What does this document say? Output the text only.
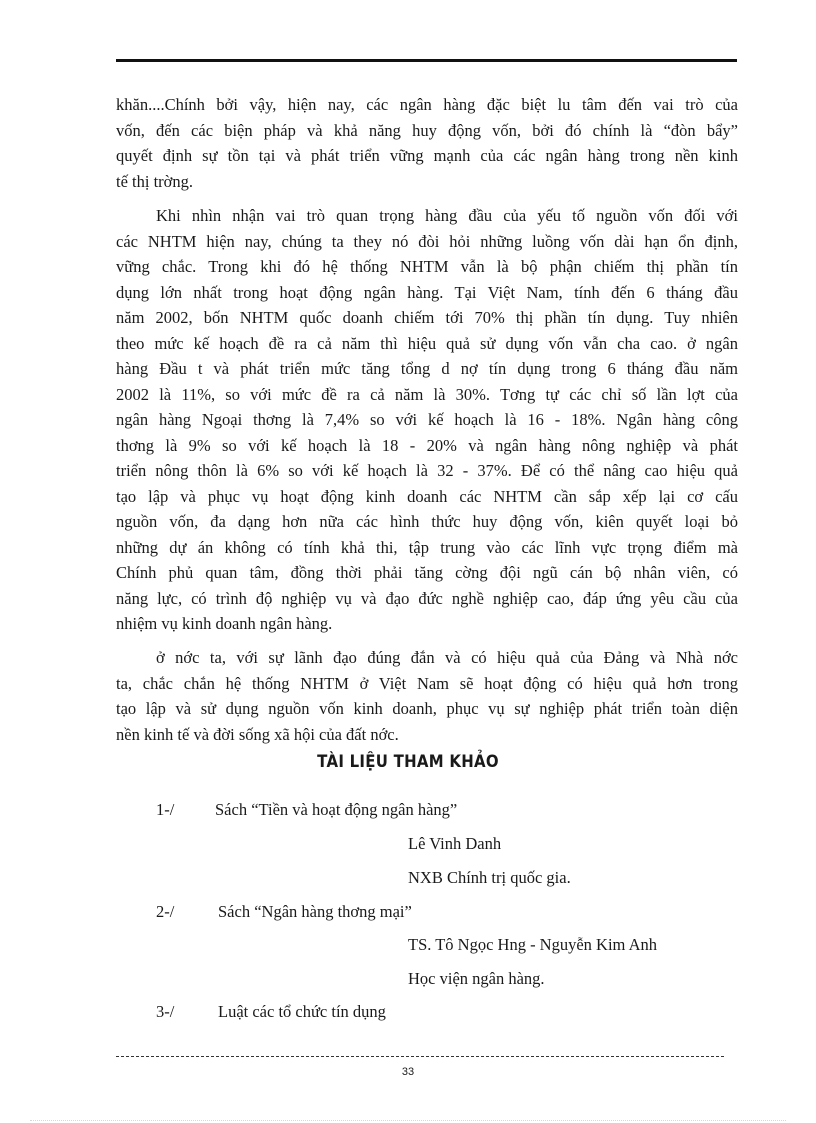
khăn....Chính bởi vậy, hiện nay, các ngân hàng đặc biệt lu tâm đến vai trò của
vốn, đến các biện pháp và khả năng huy động vốn, bởi đó chính là “đòn bẩy”
quyết định sự tồn tại và phát triển vững mạnh của các ngân hàng trong nền kinh
tế thị trờng.
Khi nhìn nhận vai trò quan trọng hàng đầu của yếu tố nguồn vốn đối với
các NHTM hiện nay, chúng ta they nó đòi hỏi những luồng vốn dài hạn ổn định,
vững chắc. Trong khi đó hệ thống NHTM vẫn là bộ phận chiếm thị phần tín
dụng lớn nhất trong hoạt động ngân hàng. Tại Việt Nam, tính đến 6 tháng đầu
năm 2002, bốn NHTM quốc doanh chiếm tới 70% thị phần tín dụng. Tuy nhiên
theo mức kế hoạch đề ra cả năm thì hiệu quả sử dụng vốn vẫn cha cao. ở ngân
hàng Đầu t và phát triển mức tăng tổng d nợ tín dụng trong 6 tháng đầu năm
2002 là 11%, so với mức đề ra cả năm là 30%. Tơng tự các chỉ số lần lợt của
ngân hàng Ngoại thơng là 7,4% so với kế hoạch là 16 - 18%. Ngân hàng công
thơng là 9% so với kế hoạch là 18 - 20% và ngân hàng nông nghiệp và phát
triển nông thôn là 6% so với kế hoạch là 32 - 37%. Để có thể nâng cao hiệu quả
tạo lập và phục vụ hoạt động kinh doanh các NHTM cần sắp xếp lại cơ cấu
nguồn vốn, đa dạng hơn nữa các hình thức huy động vốn, kiên quyết loại bỏ
những dự án không có tính khả thi, tập trung vào các lĩnh vực trọng điểm mà
Chính phủ quan tâm, đồng thời phải tăng cờng đội ngũ cán bộ nhân viên, có
năng lực, có trình độ nghiệp vụ và đạo đức nghề nghiệp cao, đáp ứng yêu cầu của
nhiệm vụ kinh doanh ngân hàng.
ở nớc ta, với sự lãnh đạo đúng đắn và có hiệu quả của Đảng và Nhà nớc
ta, chắc chắn hệ thống NHTM ở Việt Nam sẽ hoạt động có hiệu quả hơn trong
tạo lập và sử dụng nguồn vốn kinh doanh, phục vụ sự nghiệp phát triển toàn diện
nền kinh tế và đời sống xã hội của đất nớc.
TÀI LIỆU THAM KHẢO
1-/ Sách “Tiền và hoạt động ngân hàng”
Lê Vinh Danh
NXB Chính trị quốc gia.
2-/	Sách “Ngân hàng thơng mại”
TS. Tô Ngọc Hng - Nguyễn Kim Anh
Học viện ngân hàng.
3-/	Luật các tổ chức tín dụng
33
